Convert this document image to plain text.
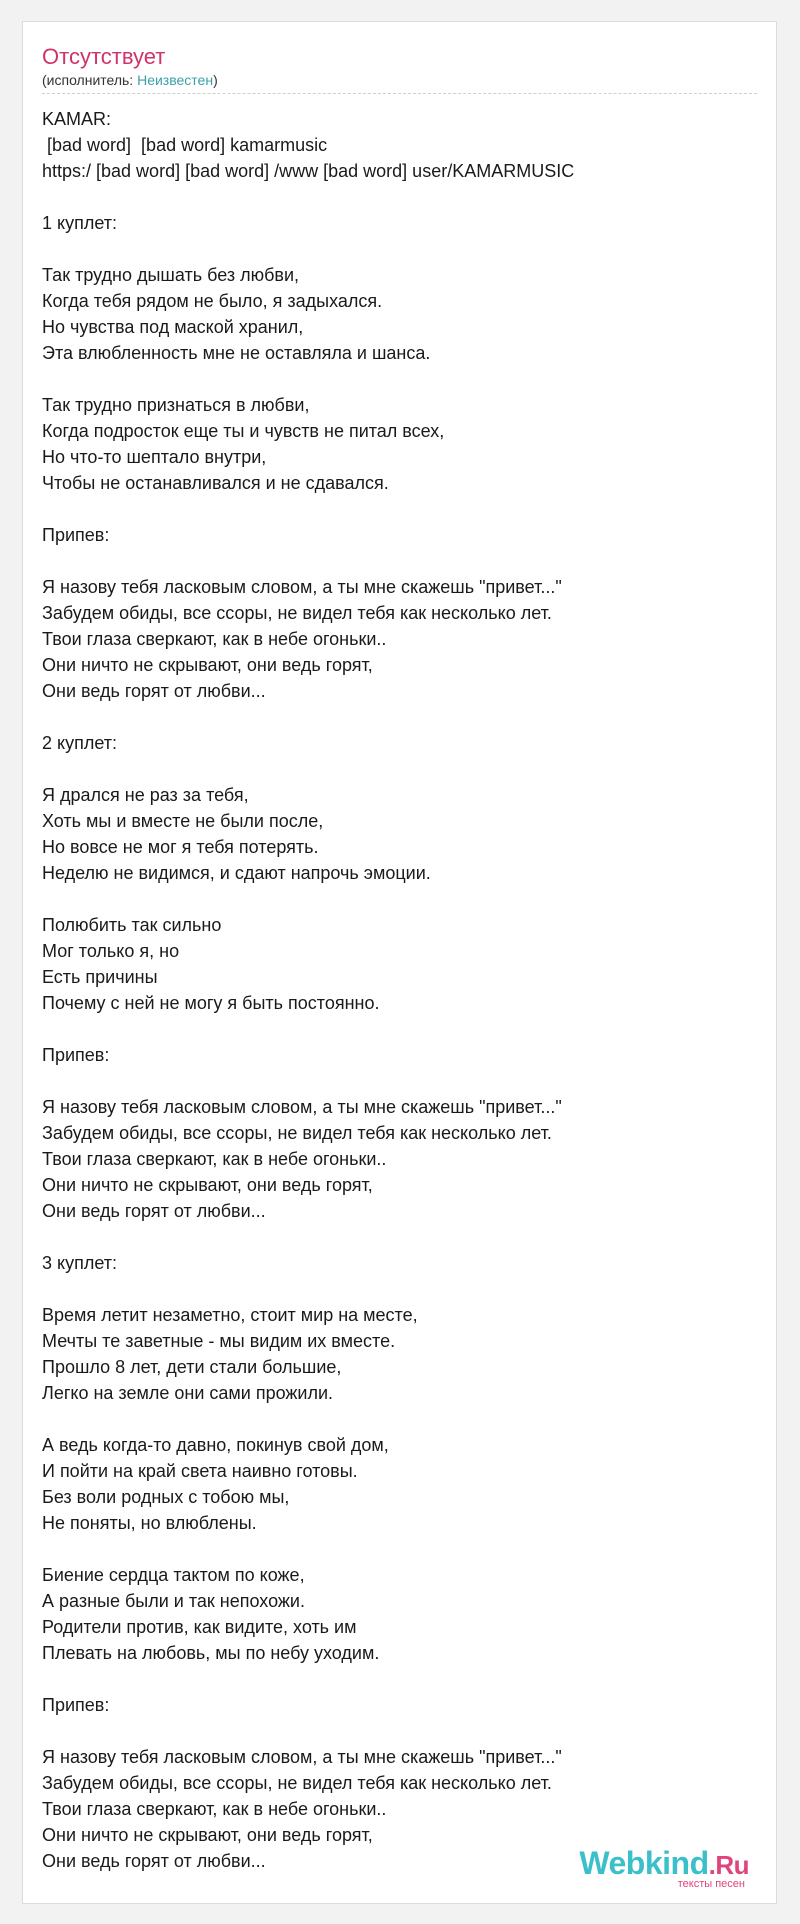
Отсутствует
(исполнитель: Неизвестен)
KAMAR:
[bad word]  [bad word] kamarmusic
https:/ [bad word] [bad word] /www [bad word] user/KAMARMUSIC
1 куплет:
Так трудно дышать без любви,
Когда тебя рядом не было, я задыхался.
Но чувства под маской хранил,
Эта влюбленность мне не оставляла и шанса.
Так трудно признаться в любви,
Когда подросток еще ты и чувств не питал всех,
Но что-то шептало внутри,
Чтобы не останавливался и не сдавался.
Припев:
Я назову тебя ласковым словом, а ты мне скажешь "привет..."
Забудем обиды, все ссоры, не видел тебя как несколько лет.
Твои глаза сверкают, как в небе огоньки..
Они ничто не скрывают, они ведь горят,
Они ведь горят от любви...
2 куплет:
Я дрался не раз за тебя,
Хоть мы и вместе не были после,
Но вовсе не мог я тебя потерять.
Неделю не видимся, и сдают напрочь эмоции.
Полюбить так сильно
Мог только я, но
Есть причины
Почему с ней не могу я быть постоянно.
Припев:
Я назову тебя ласковым словом, а ты мне скажешь "привет..."
Забудем обиды, все ссоры, не видел тебя как несколько лет.
Твои глаза сверкают, как в небе огоньки..
Они ничто не скрывают, они ведь горят,
Они ведь горят от любви...
3 куплет:
Время летит незаметно, стоит мир на месте,
Мечты те заветные - мы видим их вместе.
Прошло 8 лет, дети стали большие,
Легко на земле они сами прожили.
А ведь когда-то давно, покинув свой дом,
И пойти на край света наивно готовы.
Без воли родных с тобою мы,
Не поняты, но влюблены.
Биение сердца тактом по коже,
А разные были и так непохожи.
Родители против, как видите, хоть им
Плевать на любовь, мы по небу уходим.
Припев:
Я назову тебя ласковым словом, а ты мне скажешь "привет..."
Забудем обиды, все ссоры, не видел тебя как несколько лет.
Твои глаза сверкают, как в небе огоньки..
Они ничто не скрывают, они ведь горят,
Они ведь горят от любви...	Webkind.Ru
тексты песен
